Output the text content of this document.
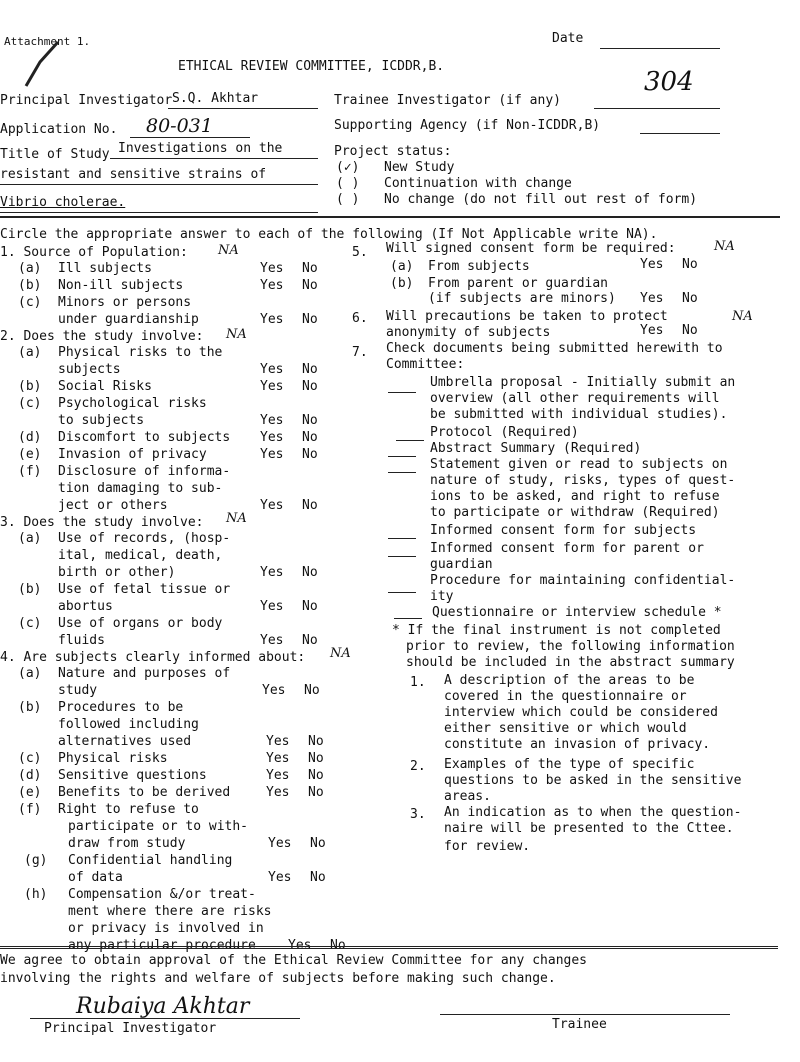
Attachment 1.	Date
ETHICAL REVIEW COMMITTEE, ICDDR,B.
304
Principal Investigator S.Q. Akhtar	Trainee Investigator (if any)
Application No. 80-031	Supporting Agency (if Non-ICDDR,B)
Title of Study Investigations on the
resistant and sensitive strains of
Vibrio cholerae.
Project status:
(✓) New Study
( ) Continuation with change
( ) No change (do not fill out rest of form)
Circle the appropriate answer to each of the following (If Not Applicable write NA).
1. Source of Population: NA
(a) Ill subjects	Yes No
(b) Non-ill subjects	Yes No
(c) Minors or persons
under guardianship	Yes No
2. Does the study involve: NA
(a) Physical risks to the
subjects	Yes No
(b) Social Risks	Yes No
(c) Psychological risks
to subjects	Yes No
(d) Discomfort to subjects Yes No
(e) Invasion of privacy	Yes No
(f) Disclosure of informa-
tion damaging to sub-
ject or others	Yes No
3. Does the study involve: NA
(a) Use of records, (hosp-
ital, medical, death,
birth or other)	Yes No
(b) Use of fetal tissue or
abortus	Yes No
(c) Use of organs or body
fluids	Yes No
4. Are subjects clearly informed about: NA
(a) Nature and purposes of
study	Yes No
(b) Procedures to be
followed including
alternatives used	Yes No
(c) Physical risks	Yes No
(d) Sensitive questions	Yes No
(e) Benefits to be derived	Yes No
(f) Right to refuse to
participate or to with-
draw from study	Yes No
(g) Confidential handling
of data	Yes No
(h) Compensation &/or treat-
ment where there are risks
or privacy is involved in
any particular procedure Yes No
5. Will signed consent form be required:	NA
(a) From subjects	Yes No
(b) From parent or guardian
(if subjects are minors) Yes No
6. Will precautions be taken to protect	NA
anonymity of subjects	Yes No
7. Check documents being submitted herewith to
Committee:
Umbrella proposal - Initially submit an
overview (all other requirements will
be submitted with individual studies).
Protocol (Required)
Abstract Summary (Required)
Statement given or read to subjects on
nature of study, risks, types of quest-
ions to be asked, and right to refuse
to participate or withdraw (Required)
Informed consent form for subjects
Informed consent form for parent or
guardian
Procedure for maintaining confidential-
ity
Questionnaire or interview schedule *
* If the final instrument is not completed
prior to review, the following information
should be included in the abstract summary
1. A description of the areas to be
covered in the questionnaire or
interview which could be considered
either sensitive or which would
constitute an invasion of privacy.
2. Examples of the type of specific
questions to be asked in the sensitive
areas.
3. An indication as to when the question-
naire will be presented to the Cttee.
for review.
We agree to obtain approval of the Ethical Review Committee for any changes
involving the rights and welfare of subjects before making such change.
Rubaiya Akhtar
Principal Investigator	Trainee
